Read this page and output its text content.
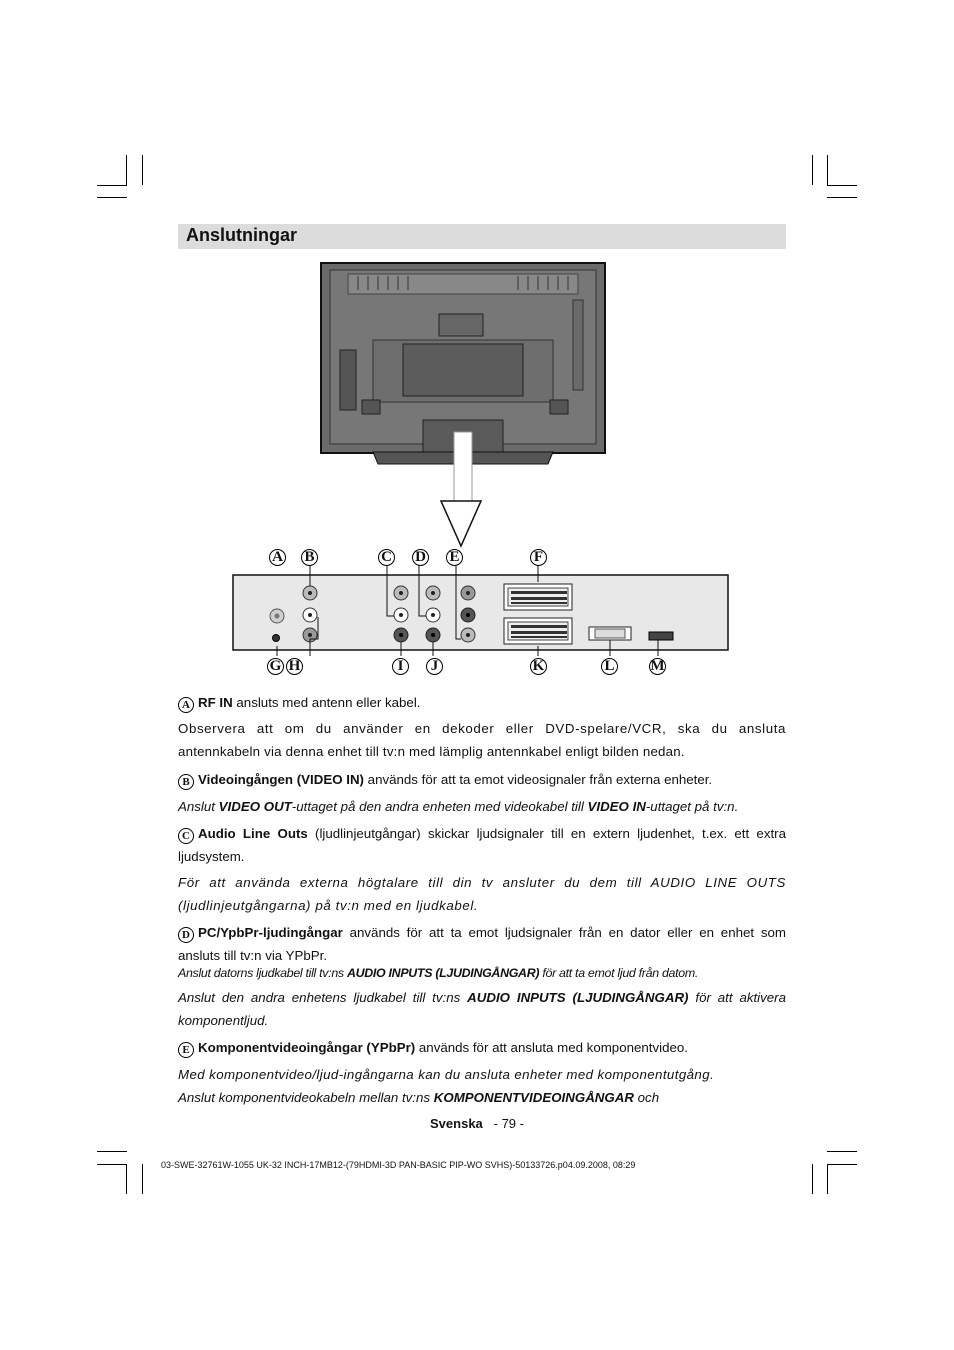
Anslutningar
A B	C D E	F
G H	I	J	K	L M
A RF IN ansluts med antenn eller kabel.
Observera att om du använder en dekoder eller DVD-spelare/VCR, ska du ansluta
antennkabeln via denna enhet till tv:n med lämplig antennkabel enligt bilden nedan.
B Videoingången (VIDEO IN) används för att ta emot videosignaler från externa enheter.
Anslut VIDEO OUT-uttaget på den andra enheten med videokabel till VIDEO IN-uttaget på tv:n.
C Audio Line Outs (ljudlinjeutgångar) skickar ljudsignaler till en extern ljudenhet, t.ex. ett extra ljudsystem.
För att använda externa högtalare till din tv ansluter du dem till AUDIO LINE OUTS (ljudlinjeutgångarna) på tv:n med en ljudkabel.
D PC/YpbPr-ljudingångar används för att ta emot ljudsignaler från en dator eller en enhet som ansluts till tv:n via YPbPr.
Anslut datorns ljudkabel till tv:ns AUDIO INPUTS (LJUDINGÅNGAR) för att ta emot ljud från datom.
Anslut den andra enhetens ljudkabel till tv:ns AUDIO INPUTS (LJUDINGÅNGAR) för att aktivera komponentljud.
E Komponentvideoingångar (YPbPr) används för att ansluta med komponentvideo.
Med komponentvideo/ljud-ingångarna kan du ansluta enheter med komponentutgång.
Anslut komponentvideokabeln mellan tv:ns KOMPONENTVIDEOINGÅNGAR och
Svenska - 79 -
03-SWE-32761W-1055 UK-32 INCH-17MB12-(79HDMI-3D PAN-BASIC PIP-WO SVHS)-50133726.p04.09.2008, 08:29
